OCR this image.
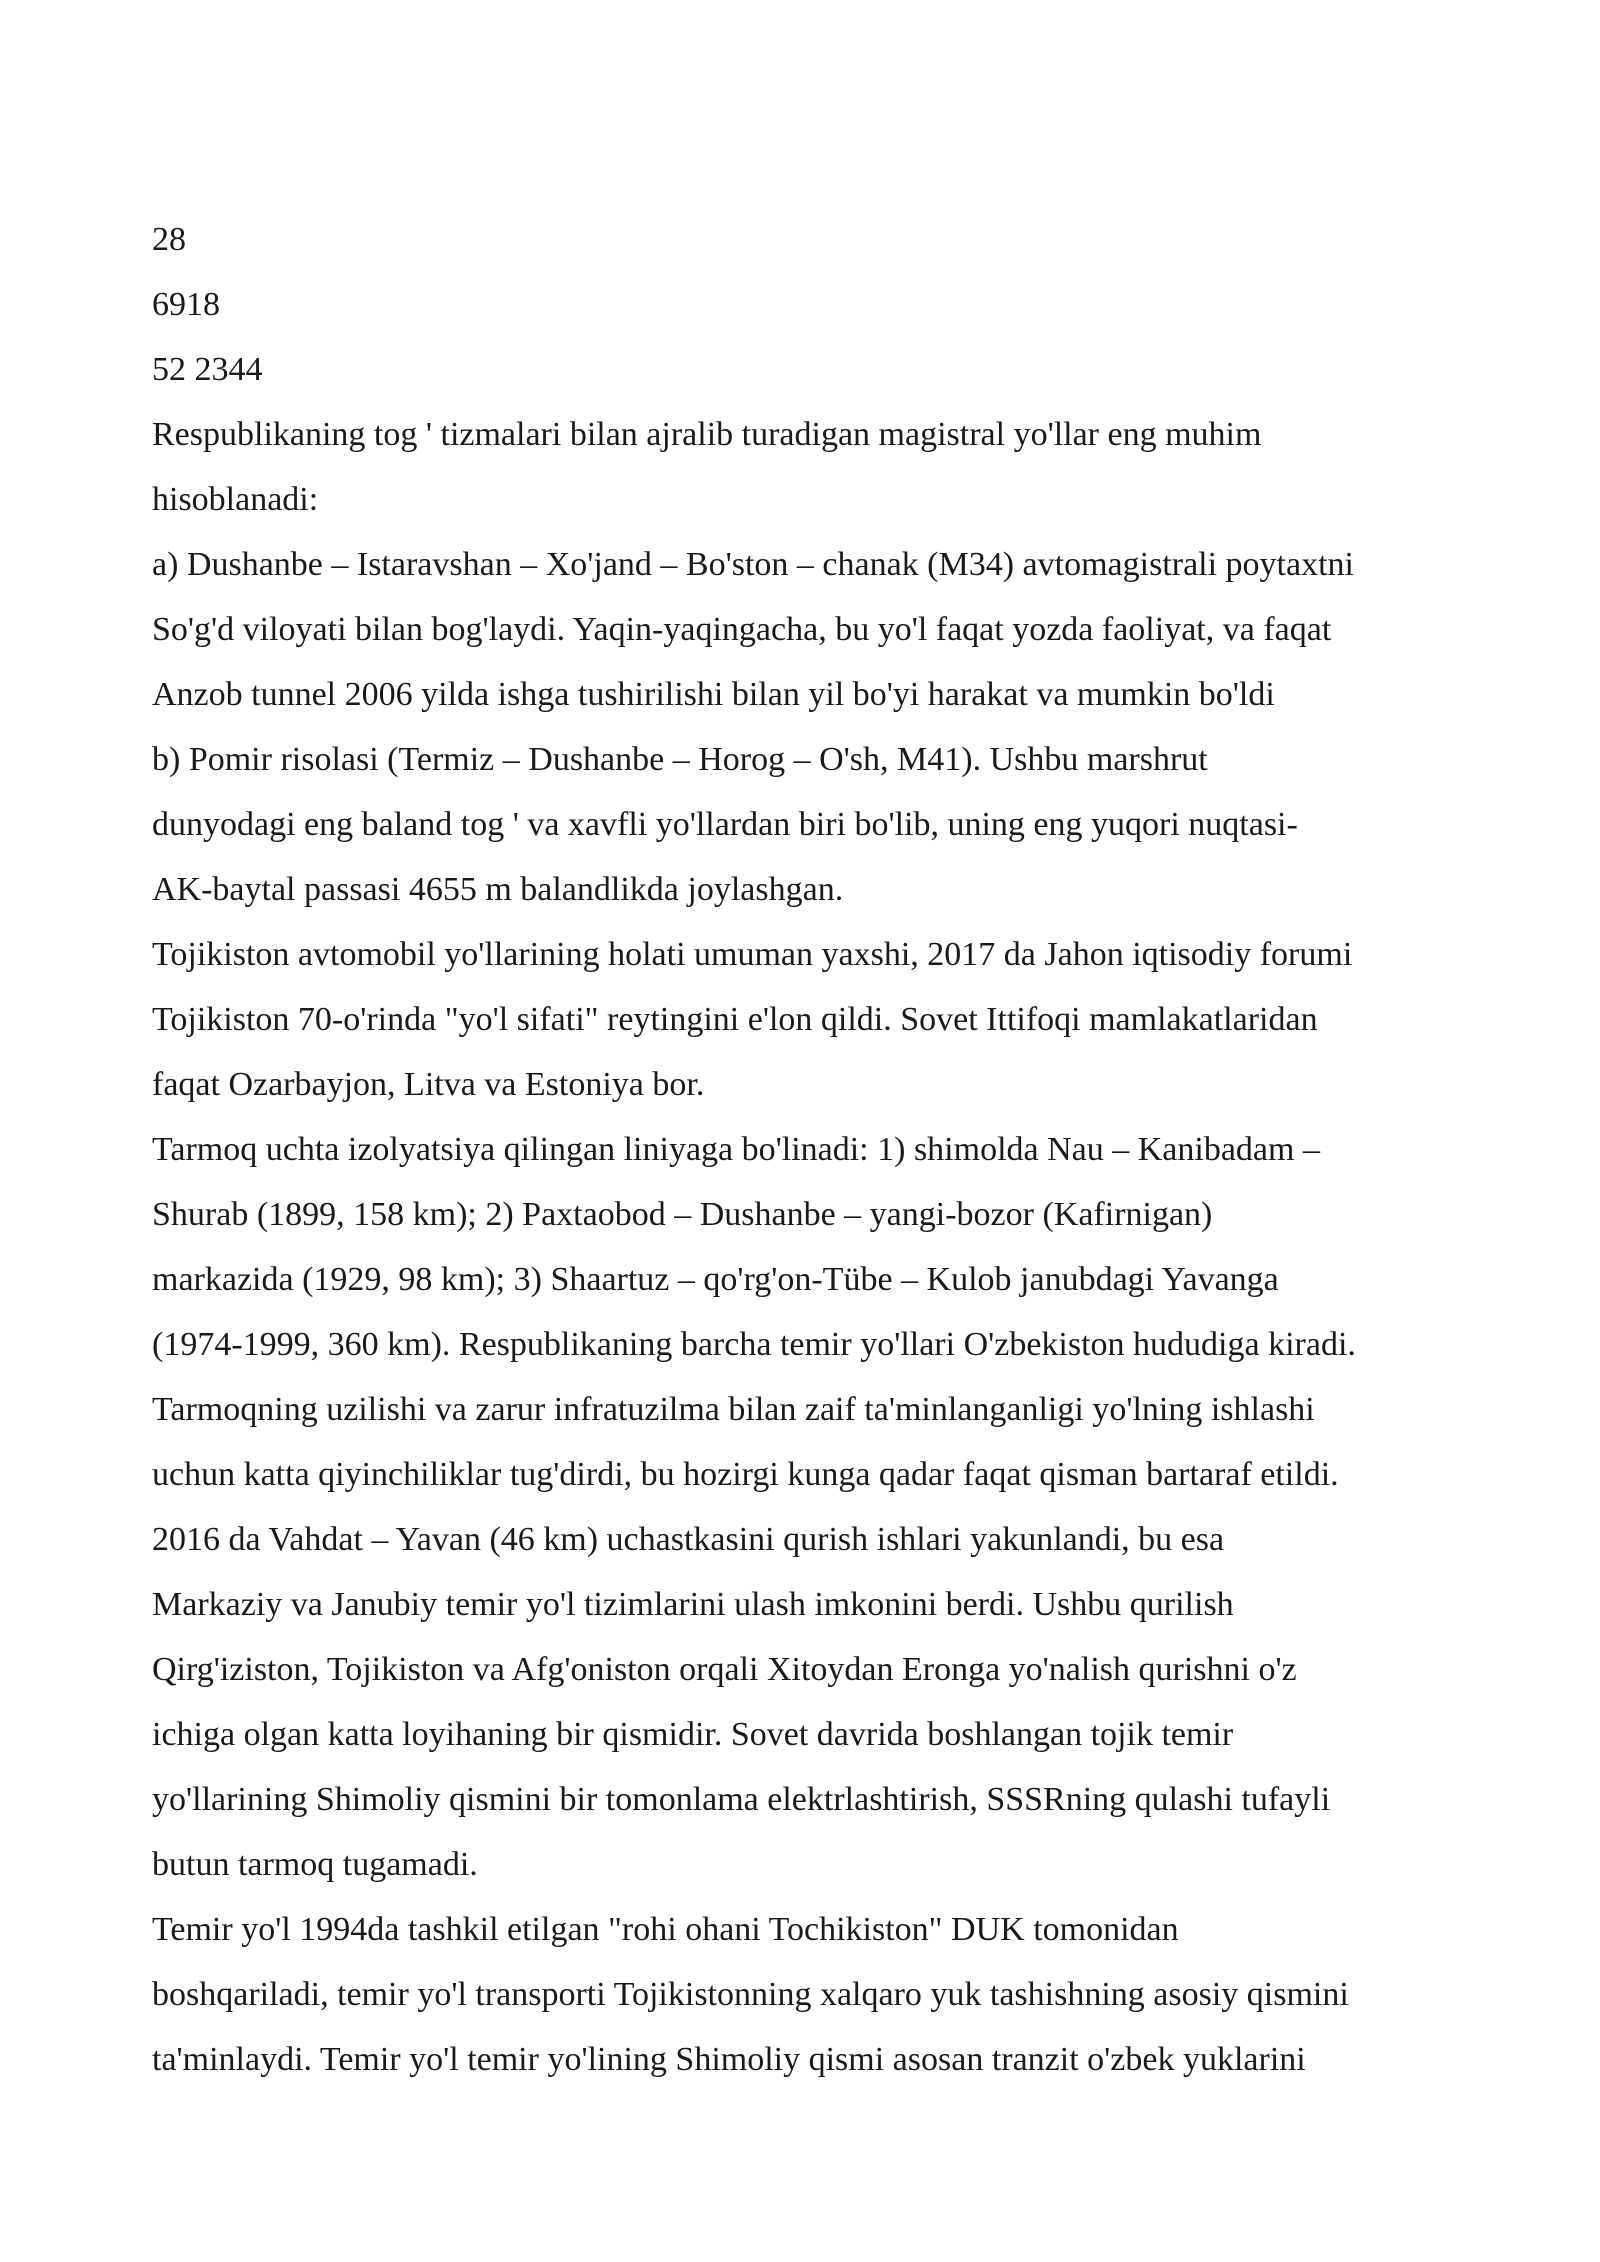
28
6918
52 2344
Respublikaning tog ' tizmalari bilan ajralib turadigan magistral yo'llar eng muhim
hisoblanadi:
a) Dushanbe – Istaravshan – Xo'jand – Bo'ston – chanak (M34) avtomagistrali poytaxtni
So'g'd viloyati bilan bog'laydi. Yaqin-yaqingacha, bu yo'l faqat yozda faoliyat, va faqat
Anzob tunnel 2006 yilda ishga tushirilishi bilan yil bo'yi harakat va mumkin bo'ldi
b) Pomir risolasi (Termiz – Dushanbe – Horog – O'sh, M41). Ushbu marshrut
dunyodagi eng baland tog ' va xavfli yo'llardan biri bo'lib, uning eng yuqori nuqtasi-
AK-baytal passasi 4655 m balandlikda joylashgan.
Tojikiston avtomobil yo'llarining holati umuman yaxshi, 2017 da Jahon iqtisodiy forumi
Tojikiston 70-o'rinda "yo'l sifati" reytingini e'lon qildi. Sovet Ittifoqi mamlakatlaridan
faqat Ozarbayjon, Litva va Estoniya bor.
Tarmoq uchta izolyatsiya qilingan liniyaga bo'linadi: 1) shimolda Nau – Kanibadam –
Shurab (1899, 158 km); 2) Paxtaobod – Dushanbe – yangi-bozor (Kafirnigan)
markazida (1929, 98 km); 3) Shaartuz – qo'rg'on-Tübe – Kulob janubdagi Yavanga
(1974-1999, 360 km). Respublikaning barcha temir yo'llari O'zbekiston hududiga kiradi.
Tarmoqning uzilishi va zarur infratuzilma bilan zaif ta'minlanganligi yo'lning ishlashi
uchun katta qiyinchiliklar tug'dirdi, bu hozirgi kunga qadar faqat qisman bartaraf etildi.
2016 da Vahdat – Yavan (46 km) uchastkasini qurish ishlari yakunlandi, bu esa
Markaziy va Janubiy temir yo'l tizimlarini ulash imkonini berdi. Ushbu qurilish
Qirg'iziston, Tojikiston va Afg'oniston orqali Xitoydan Eronga yo'nalish qurishni o'z
ichiga olgan katta loyihaning bir qismidir. Sovet davrida boshlangan tojik temir
yo'llarining Shimoliy qismini bir tomonlama elektrlashtirish, SSSRning qulashi tufayli
butun tarmoq tugamadi.
Temir yo'l 1994da tashkil etilgan "rohi ohani Tochikiston" DUK tomonidan
boshqariladi, temir yo'l transporti Tojikistonning xalqaro yuk tashishning asosiy qismini
ta'minlaydi. Temir yo'l temir yo'lining Shimoliy qismi asosan tranzit o'zbek yuklarini
